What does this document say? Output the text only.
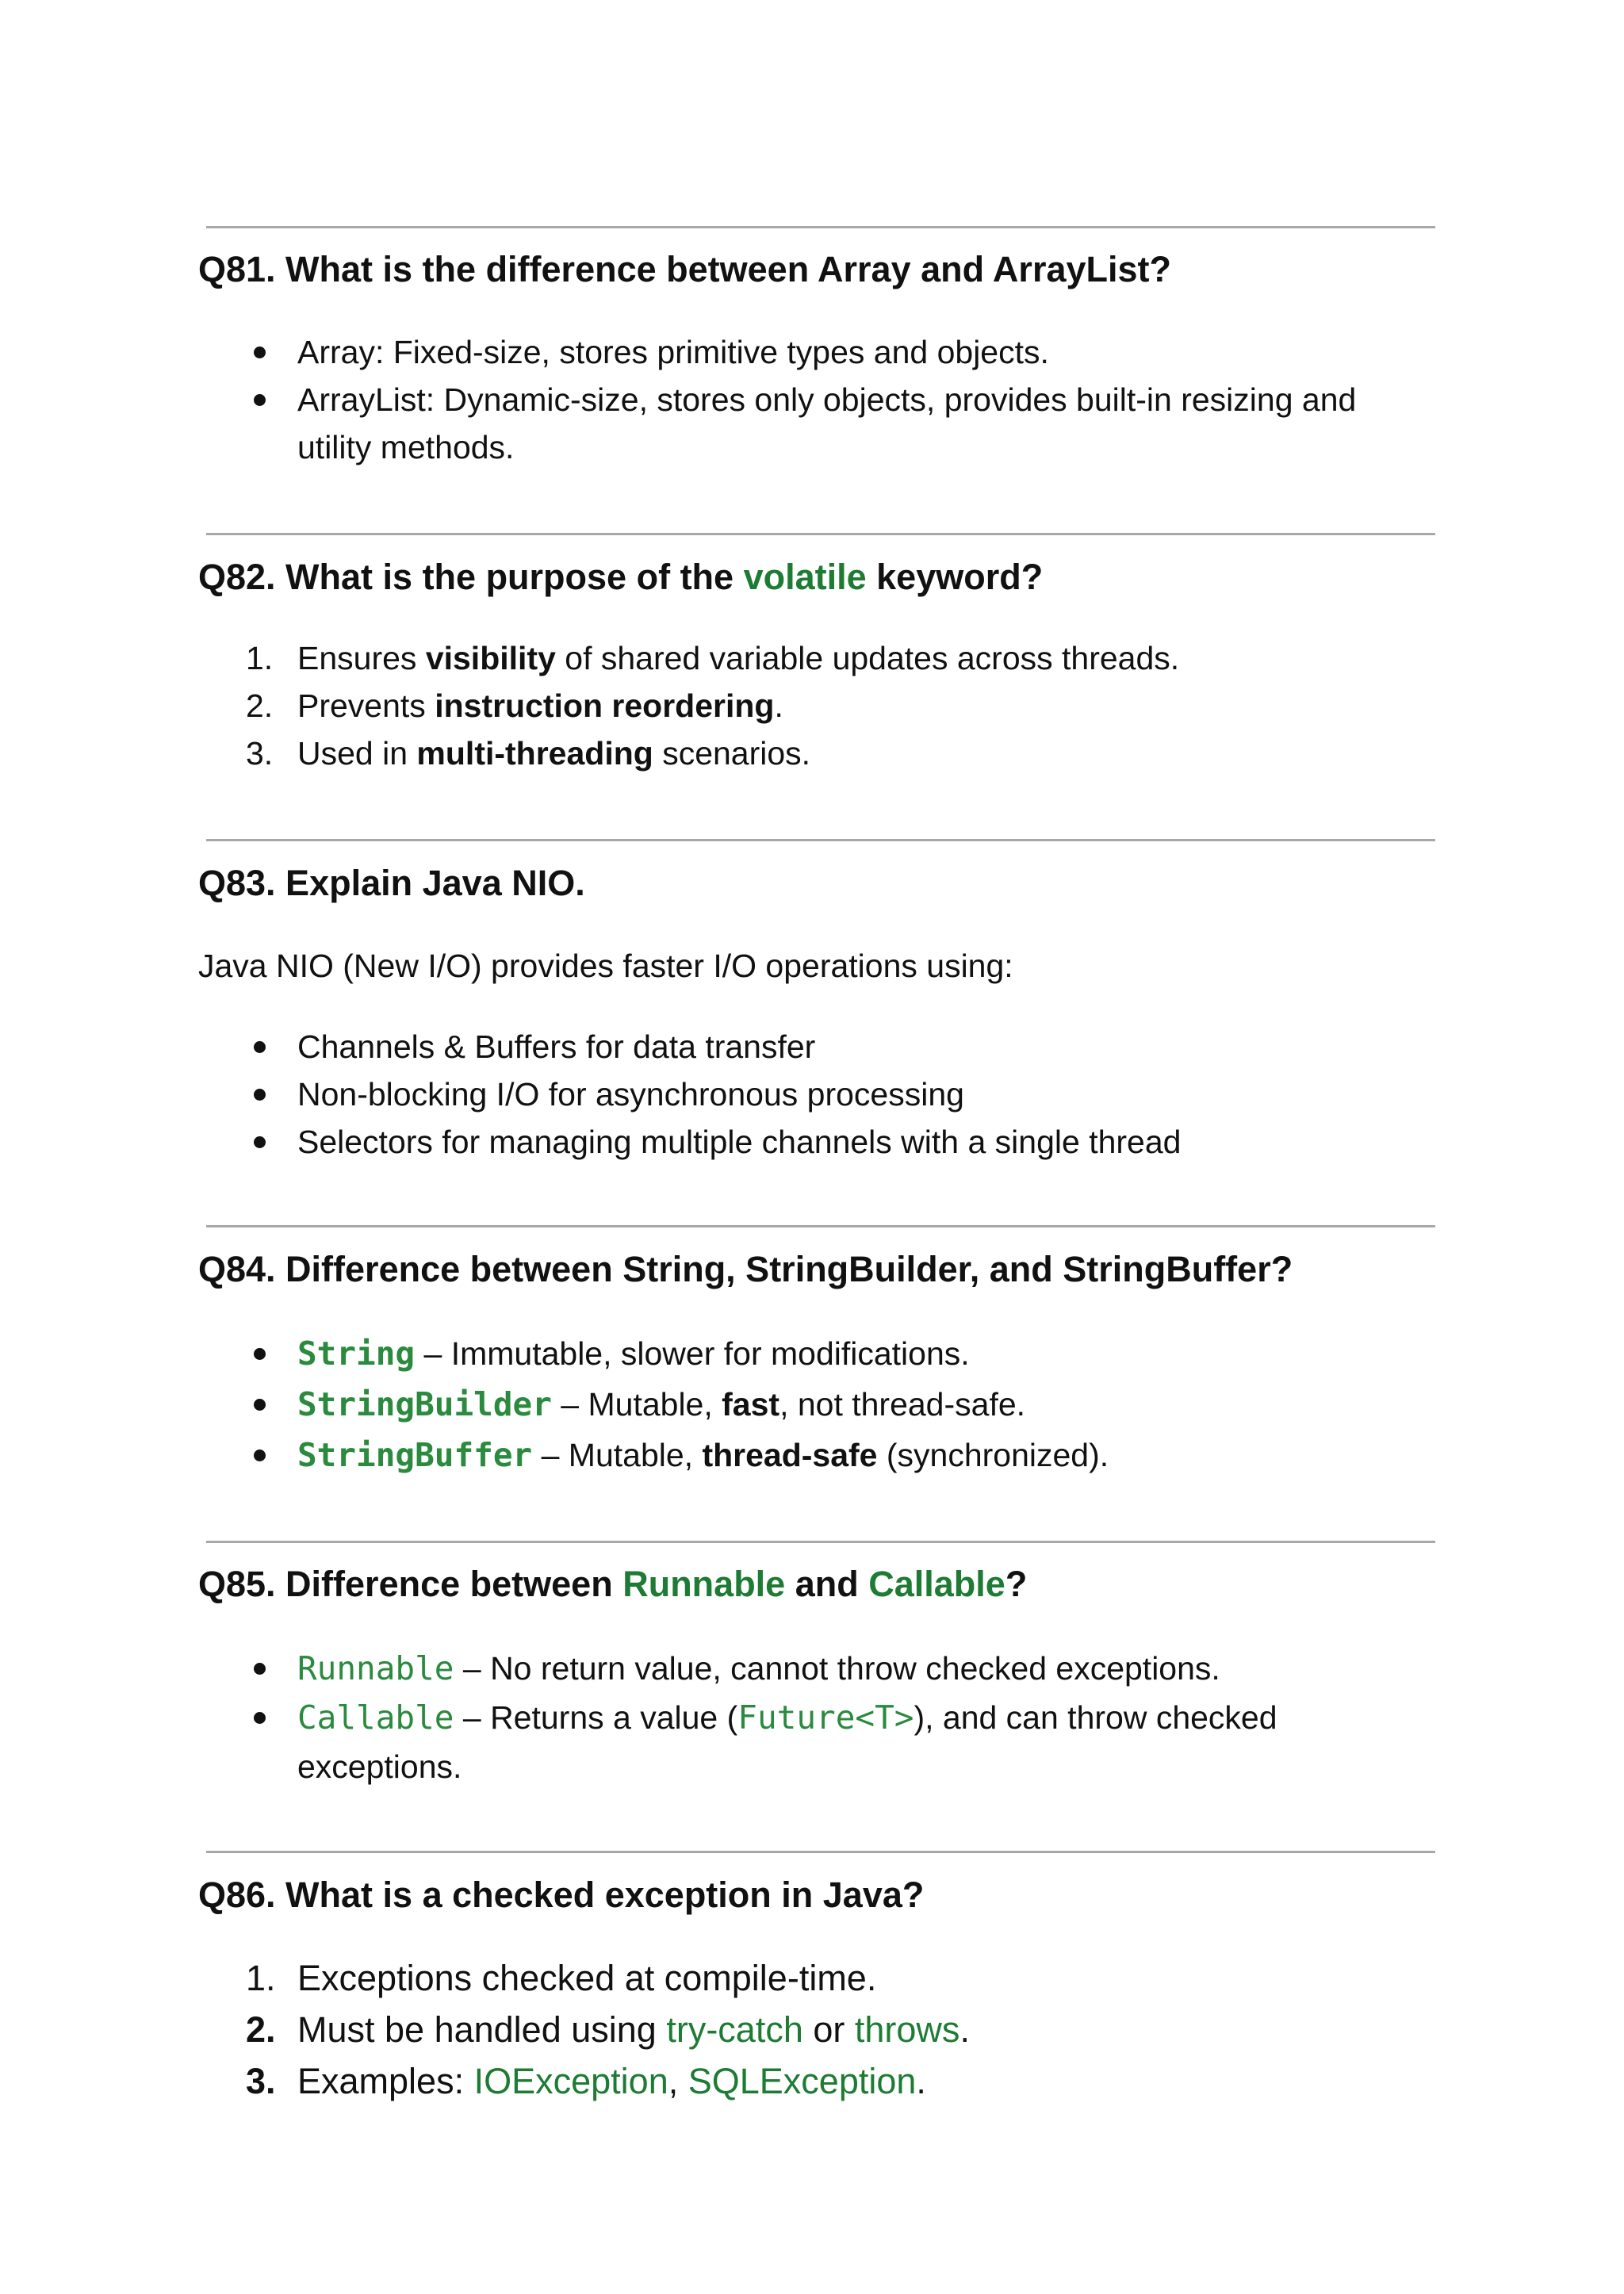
Q81. What is the difference between Array and ArrayList?
Array: Fixed-size, stores primitive types and objects.
ArrayList: Dynamic-size, stores only objects, provides built-in resizing and utility methods.
Q82. What is the purpose of the volatile keyword?
1. Ensures visibility of shared variable updates across threads.
2. Prevents instruction reordering.
3. Used in multi-threading scenarios.
Q83. Explain Java NIO.

Java NIO (New I/O) provides faster I/O operations using:

Channels & Buffers for data transfer
Non-blocking I/O for asynchronous processing
Selectors for managing multiple channels with a single thread
Q84. Difference between String, StringBuilder, and StringBuffer?
String – Immutable, slower for modifications.
StringBuilder – Mutable, fast, not thread-safe.
StringBuffer – Mutable, thread-safe (synchronized).
Q85. Difference between Runnable and Callable?
Runnable – No return value, cannot throw checked exceptions.
Callable – Returns a value (Future<T>), and can throw checked exceptions.
Q86. What is a checked exception in Java?
1. Exceptions checked at compile-time.
2. Must be handled using try-catch or throws.
3. Examples: IOException, SQLException.
